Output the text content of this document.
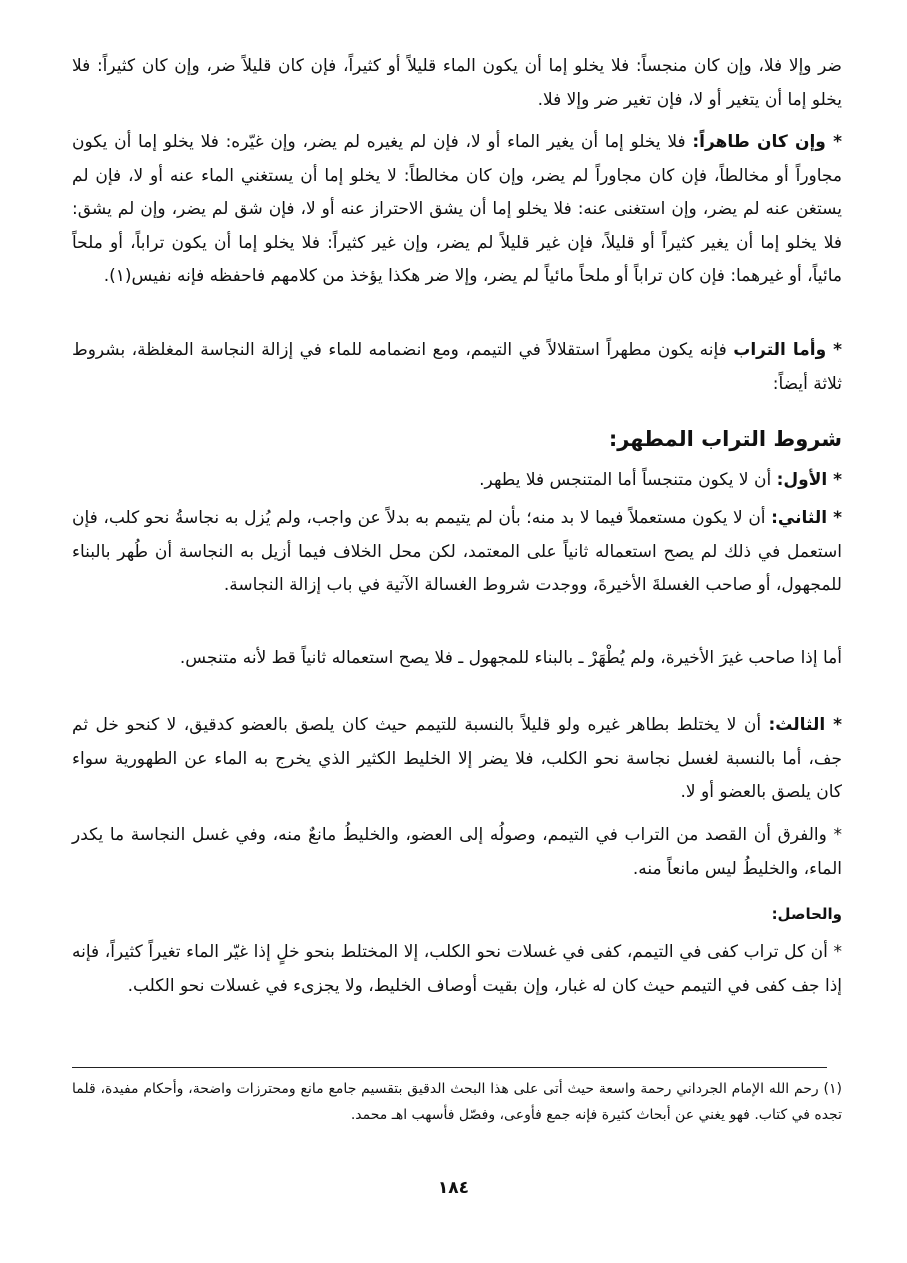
ضر وإلا فلا، وإن كان منجساً: فلا يخلو إما أن يكون الماء قليلاً أو كثيراً، فإن كان قليلاً ضر، وإن كان كثيراً: فلا يخلو إما أن يتغير أو لا، فإن تغير ضر وإلا فلا.
* وإن كان طاهراً: فلا يخلو إما أن يغير الماء أو لا، فإن لم يغيره لم يضر، وإن غيّره: فلا يخلو إما أن يكون مجاوراً أو مخالطاً، فإن كان مجاوراً لم يضر، وإن كان مخالطاً: لا يخلو إما أن يستغني الماء عنه أو لا، فإن لم يستغن عنه لم يضر، وإن استغنى عنه: فلا يخلو إما أن يشق الاحتراز عنه أو لا، فإن شق لم يضر، وإن لم يشق: فلا يخلو إما أن يغير كثيراً أو قليلاً، فإن غير قليلاً لم يضر، وإن غير كثيراً: فلا يخلو إما أن يكون تراباً، أو ملحاً مائياً، أو غيرهما: فإن كان تراباً أو ملحاً مائياً لم يضر، وإلا ضر هكذا يؤخذ من كلامهم فاحفظه فإنه نفيس(١).
* وأما التراب فإنه يكون مطهراً استقلالاً في التيمم، ومع انضمامه للماء في إزالة النجاسة المغلظة، بشروط ثلاثة أيضاً:
شروط التراب المطهر:
* الأول: أن لا يكون متنجساً أما المتنجس فلا يطهر.
* الثاني: أن لا يكون مستعملاً فيما لا بد منه؛ بأن لم يتيمم به بدلاً عن واجب، ولم يُزل به نجاسةُ نحو كلب، فإن استعمل في ذلك لم يصح استعماله ثانياً على المعتمد، لكن محل الخلاف فيما أزيل به النجاسة أن طُهر بالبناء للمجهول، أو صاحب الغسلةَ الأخيرةَ، ووجدت شروط الغسالة الآتية في باب إزالة النجاسة.
أما إذا صاحب غيرَ الأخيرة، ولم يُطْهَرْ ـ بالبناء للمجهول ـ فلا يصح استعماله ثانياً قط لأنه متنجس.
* الثالث: أن لا يختلط بطاهر غيره ولو قليلاً بالنسبة للتيمم حيث كان يلصق بالعضو كدقيق، لا كنحو خل ثم جف، أما بالنسبة لغسل نجاسة نحو الكلب، فلا يضر إلا الخليط الكثير الذي يخرج به الماء عن الطهورية سواء كان يلصق بالعضو أو لا.
* والفرق أن القصد من التراب في التيمم، وصولُه إلى العضو، والخليطُ مانعٌ منه، وفي غسل النجاسة ما يكدر الماء، والخليطُ ليس مانعاً منه.
والحاصل:
* أن كل تراب كفى في التيمم، كفى في غسلات نحو الكلب، إلا المختلط بنحو خلٍ إذا غيّر الماء تغيراً كثيراً، فإنه إذا جف كفى في التيمم حيث كان له غبار، وإن بقيت أوصاف الخليط، ولا يجزىء في غسلات نحو الكلب.
(١) رحم الله الإمام الجرداني رحمة واسعة حيث أتى على هذا البحث الدقيق بتقسيم جامع مانع ومحترزات واضحة، وأحكام مفيدة، قلما تجده في كتاب. فهو يغني عن أبحاث كثيرة فإنه جمع فأوعى، وفصّل فأسهب اهـ محمد.
١٨٤
